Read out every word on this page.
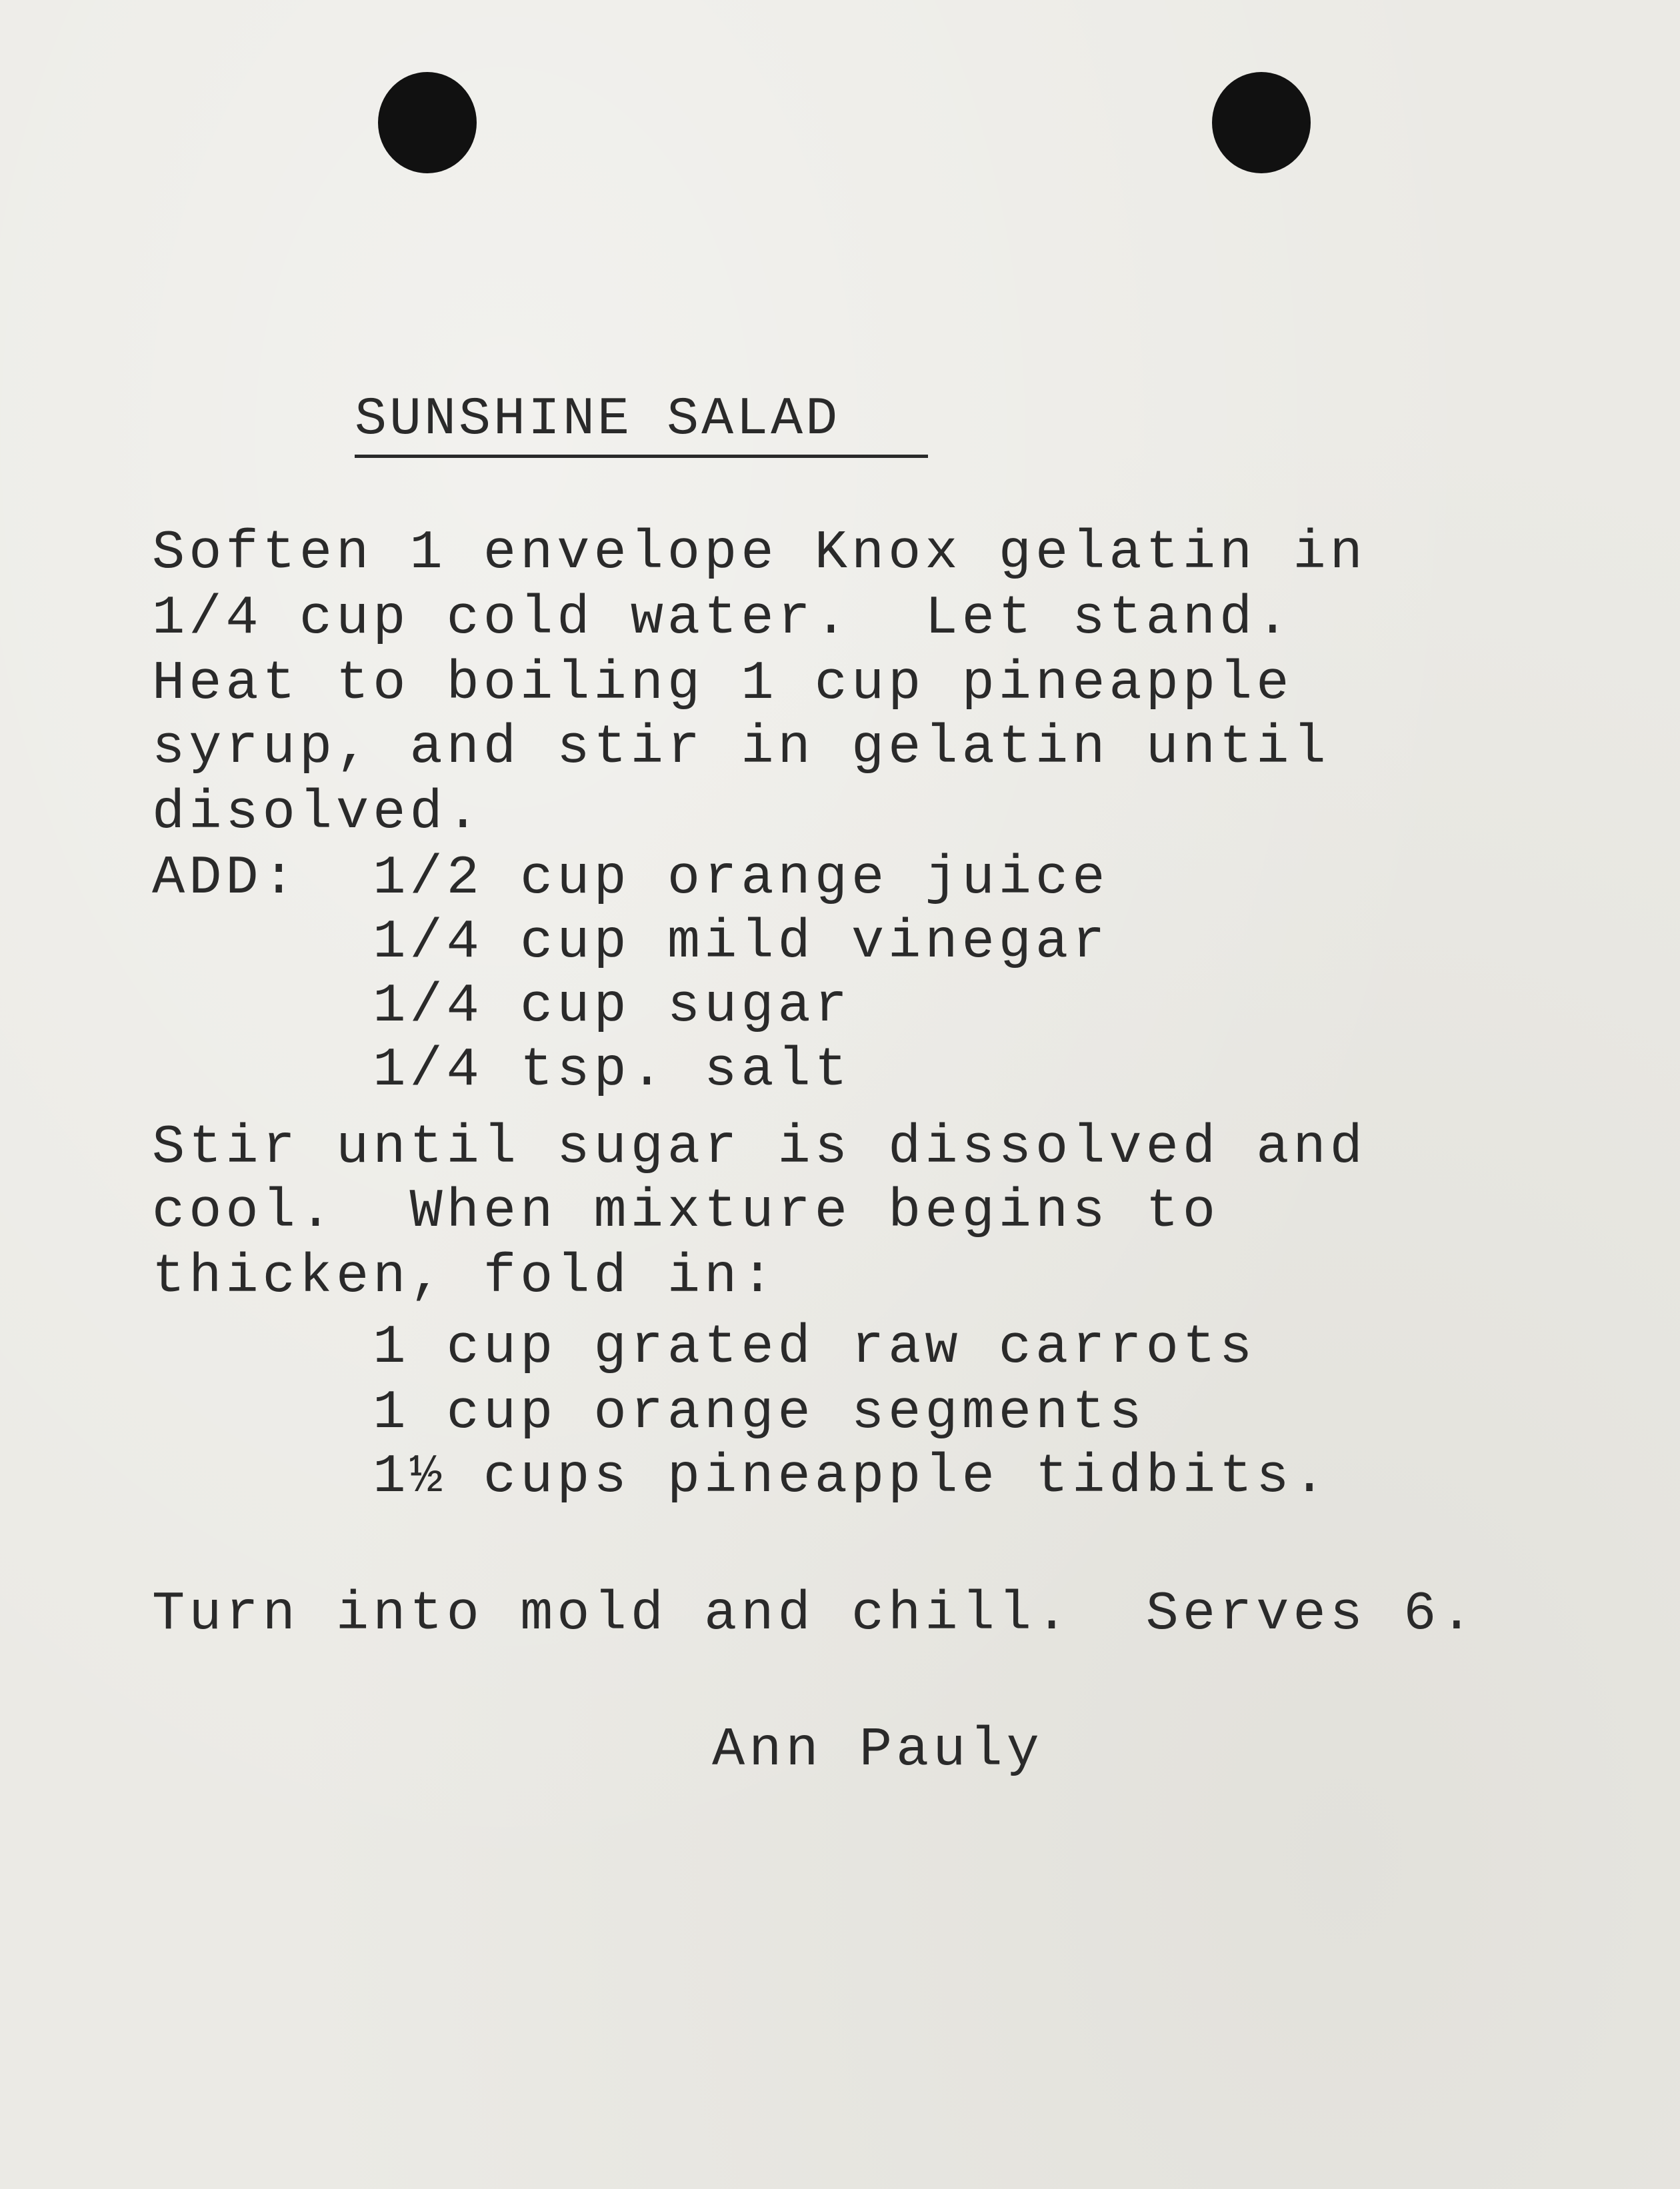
SUNSHINE SALAD
Soften 1 envelope Knox gelatin in
1/4 cup cold water.  Let stand.
Heat to boiling 1 cup pineapple
syrup, and stir in gelatin until
disolved.
ADD:  1/2 cup orange juice
1/4 cup mild vinegar
1/4 cup sugar
1/4 tsp. salt
Stir until sugar is dissolved and
cool.  When mixture begins to
thicken, fold in:
1 cup grated raw carrots
1 cup orange segments
1½ cups pineapple tidbits.
Turn into mold and chill.  Serves 6.
Ann Pauly
